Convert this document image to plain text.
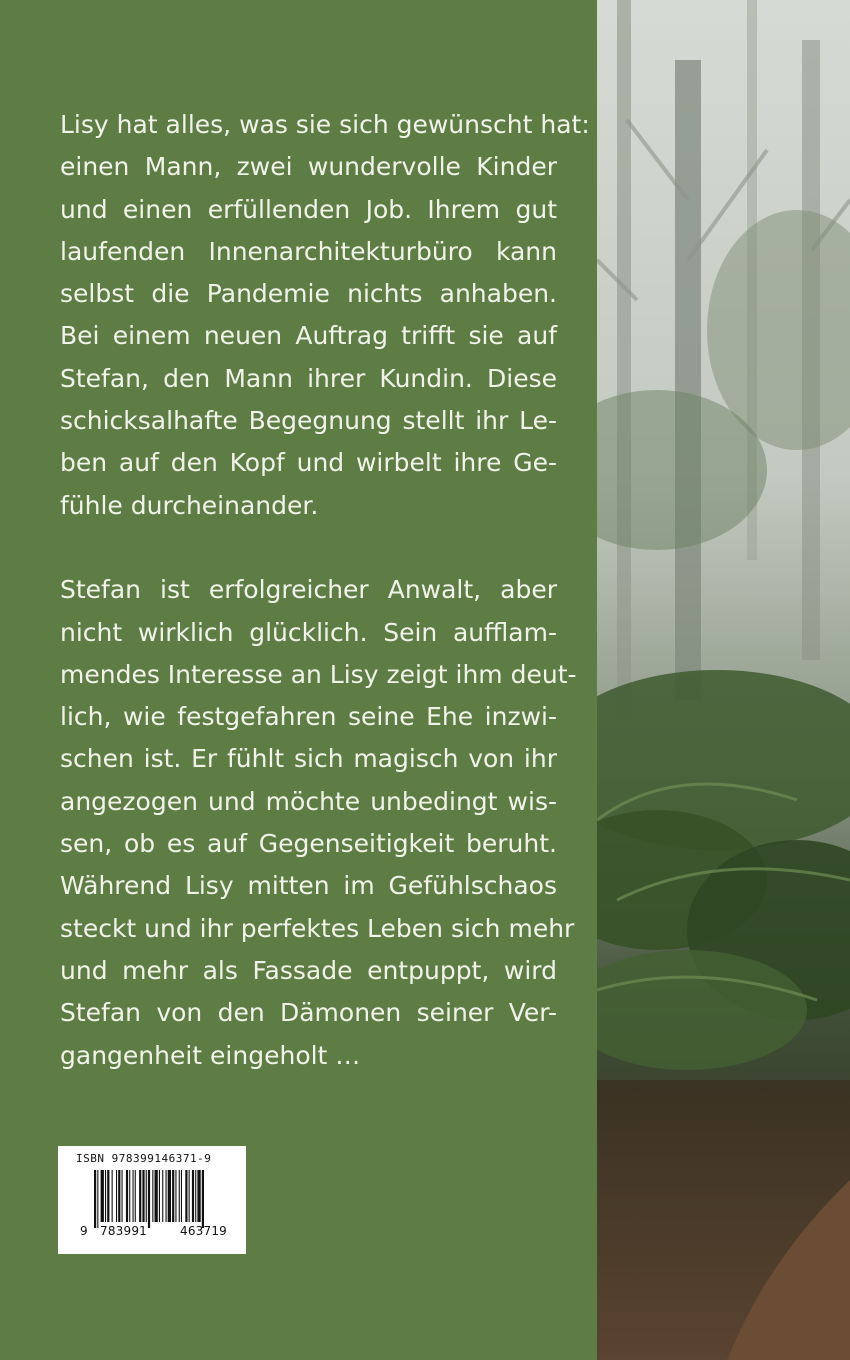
Lisy hat alles, was sie sich gewünscht hat:
einen Mann, zwei wundervolle Kinder
und einen erfüllenden Job. Ihrem gut
laufenden Innenarchitekturbüro kann
selbst die Pandemie nichts anhaben.
Bei einem neuen Auftrag trifft sie auf
Stefan, den Mann ihrer Kundin. Diese
schicksalhafte Begegnung stellt ihr Le-
ben auf den Kopf und wirbelt ihre Ge-
fühle durcheinander.
Stefan ist erfolgreicher Anwalt, aber
nicht wirklich glücklich. Sein aufflam-
mendes Interesse an Lisy zeigt ihm deut-
lich, wie festgefahren seine Ehe inzwi-
schen ist. Er fühlt sich magisch von ihr
angezogen und möchte unbedingt wis-
sen, ob es auf Gegenseitigkeit beruht.
Während Lisy mitten im Gefühlschaos
steckt und ihr perfektes Leben sich mehr
und mehr als Fassade entpuppt, wird
Stefan von den Dämonen seiner Ver-
gangenheit eingeholt …
ISBN 978399146371-9
9 783991	463719
